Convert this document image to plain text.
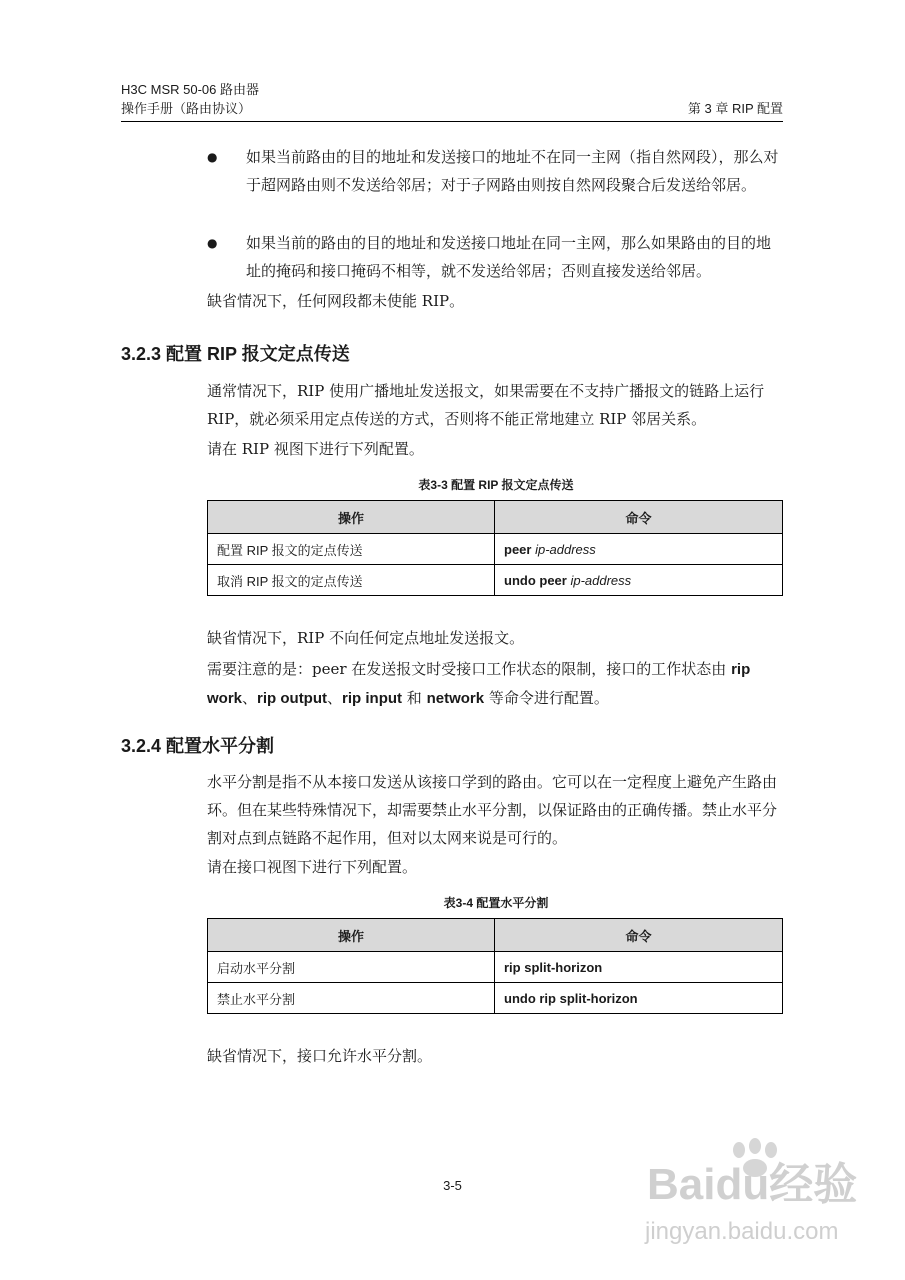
H3C MSR 50-06 路由器
操作手册（路由协议）	第 3 章 RIP 配置
● 如果当前路由的目的地址和发送接口的地址不在同一主网（指自然网段），那么对于超网路由则不发送给邻居；对于子网路由则按自然网段聚合后发送给邻居。
● 如果当前的路由的目的地址和发送接口地址在同一主网，那么如果路由的目的地址的掩码和接口掩码不相等，就不发送给邻居；否则直接发送给邻居。
缺省情况下，任何网段都未使能 RIP。
3.2.3 配置 RIP 报文定点传送
通常情况下，RIP 使用广播地址发送报文，如果需要在不支持广播报文的链路上运行 RIP，就必须采用定点传送的方式，否则将不能正常地建立 RIP 邻居关系。
请在 RIP 视图下进行下列配置。
表3-3 配置 RIP 报文定点传送
操作	命令
配置 RIP 报文的定点传送	peer ip-address
取消 RIP 报文的定点传送	undo peer ip-address
缺省情况下，RIP 不向任何定点地址发送报文。
需要注意的是：peer 在发送报文时受接口工作状态的限制，接口的工作状态由 rip work、rip output、rip input 和 network 等命令进行配置。
3.2.4 配置水平分割
水平分割是指不从本接口发送从该接口学到的路由。它可以在一定程度上避免产生路由环。但在某些特殊情况下，却需要禁止水平分割，以保证路由的正确传播。禁止水平分割对点到点链路不起作用，但对以太网来说是可行的。
请在接口视图下进行下列配置。
表3-4 配置水平分割
操作	命令
启动水平分割	rip split-horizon
禁止水平分割	undo rip split-horizon
缺省情况下，接口允许水平分割。
3-5	Baidu经验
jingyan.baidu.com
